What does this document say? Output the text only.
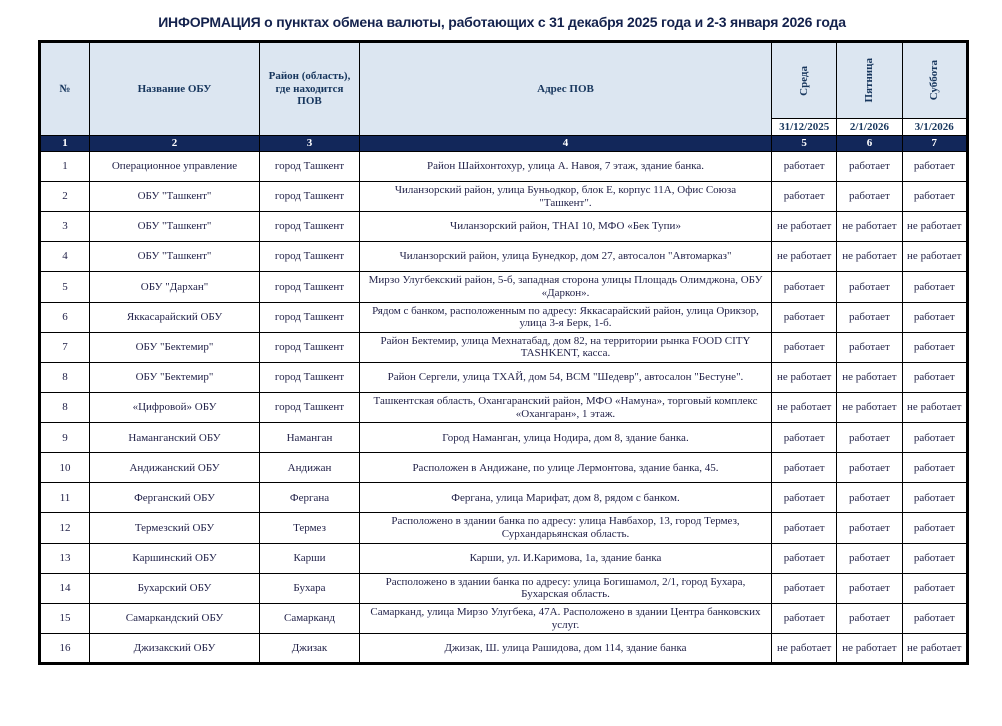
ИНФОРМАЦИЯ о пунктах обмена валюты, работающих с 31 декабря 2025 года и 2-3 января 2026 года
№	Название ОБУ	Район (область), где находится ПОВ	Адрес ПОВ	Среда	Пятница	Суббота

				31/12/2025	2/1/2026	3/1/2026
1	2	3	4	5	6	7
1	Операционное управление	город Ташкент	Район Шайхонтохур, улица А. Навоя, 7 этаж, здание банка.	работает	работает	работает
2	ОБУ "Ташкент"	город Ташкент	Чиланзорский район, улица Буньодкор, блок Е, корпус 11А, Офис Союза "Ташкент".	работает	работает	работает
3	ОБУ "Ташкент"	город Ташкент	Чиланзорский район, THAI 10, МФО «Бек Тупи»	не работает	не работает	не работает
4	ОБУ "Ташкент"	город Ташкент	Чиланзорский район, улица Бунедкор, дом 27, автосалон "Автомарказ"	не работает	не работает	не работает
5	ОБУ "Дархан"	город Ташкент	Мирзо Улугбекский район, 5-б, западная сторона улицы Площадь Олимджона, ОБУ «Даркон».	работает	работает	работает
6	Яккасарайский ОБУ	город Ташкент	Рядом с банком, расположенным по адресу: Яккасарайский район, улица Орикзор, улица 3-я Берк, 1-б.	работает	работает	работает
7	ОБУ "Бектемир"	город Ташкент	Район Бектемир, улица Мехнатабад, дом 82, на территории рынка FOOD CITY TASHKENT, касса.	работает	работает	работает
8	ОБУ "Бектемир"	город Ташкент	Район Сергели, улица ТХАЙ, дом 54, ВСМ "Шедевр", автосалон "Бестуне".	не работает	не работает	работает
8	«Цифровой» ОБУ	город Ташкент	Ташкентская область, Охангаранский район, МФО «Намуна», торговый комплекс «Охангаран», 1 этаж.	не работает	не работает	не работает
9	Наманганский ОБУ	Наманган	Город Наманган, улица Нодира, дом 8, здание банка.	работает	работает	работает
10	Андижанский ОБУ	Андижан	Расположен в Андижане, по улице Лермонтова, здание банка, 45.	работает	работает	работает
11	Ферганский ОБУ	Фергана	Фергана, улица Марифат, дом 8, рядом с банком.	работает	работает	работает
12	Термезский ОБУ	Термез	Расположено в здании банка по адресу: улица Навбахор, 13, город Термез, Сурхандарьянская область.	работает	работает	работает
13	Каршинский ОБУ	Карши	Карши, ул. И.Каримова, 1а, здание банка	работает	работает	работает
14	Бухарский ОБУ	Бухара	Расположено в здании банка по адресу: улица Богишамол, 2/1, город Бухара, Бухарская область.	работает	работает	работает
15	Самаркандский ОБУ	Самарканд	Самарканд, улица Мирзо Улугбека, 47А. Расположено в здании Центра банковских услуг.	работает	работает	работает
16	Джизакский ОБУ	Джизак	Джизак, Ш. улица Рашидова, дом 114, здание банка	не работает	не работает	не работает
